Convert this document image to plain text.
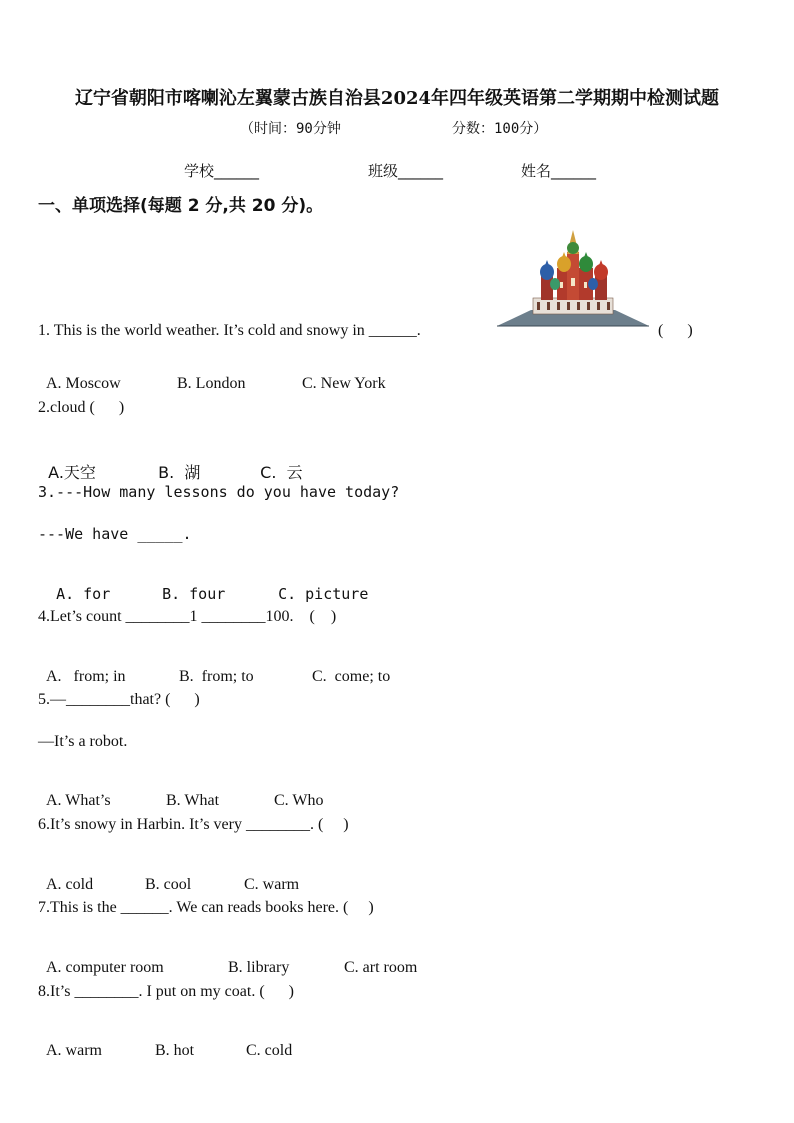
辽宁省朝阳市喀喇沁左翼蒙古族自治县2024年四年级英语第二学期期中检测试题
（时间：90分钟	分数：100分）
学校______	班级______	姓名______
一、单项选择(每题 2 分,共 20 分)。
1. This is the world weather. It’s cold and snowy in ______.	(      )

A. Moscow	B. London	C. New York

2.cloud (      )

A.天空	B.  湖	C.  云

3.---How many lessons do you have today?
---We have _____.

A. for	B. four	C. picture

4.Let’s count ________1 ________100.    (    )

A.   from; in	B.  from; to	C.  come; to

5.—________that? (      )
—It’s a robot.

A. What’s	B. What	C. Who

6.It’s snowy in Harbin. It’s very ________. (     )

A. cold	B. cool	C. warm

7.This is the ______. We can reads books here. (     )

A. computer room	B. library	C. art room

8.It’s ________. I put on my coat. (      )

A. warm	B. hot	C. cold
